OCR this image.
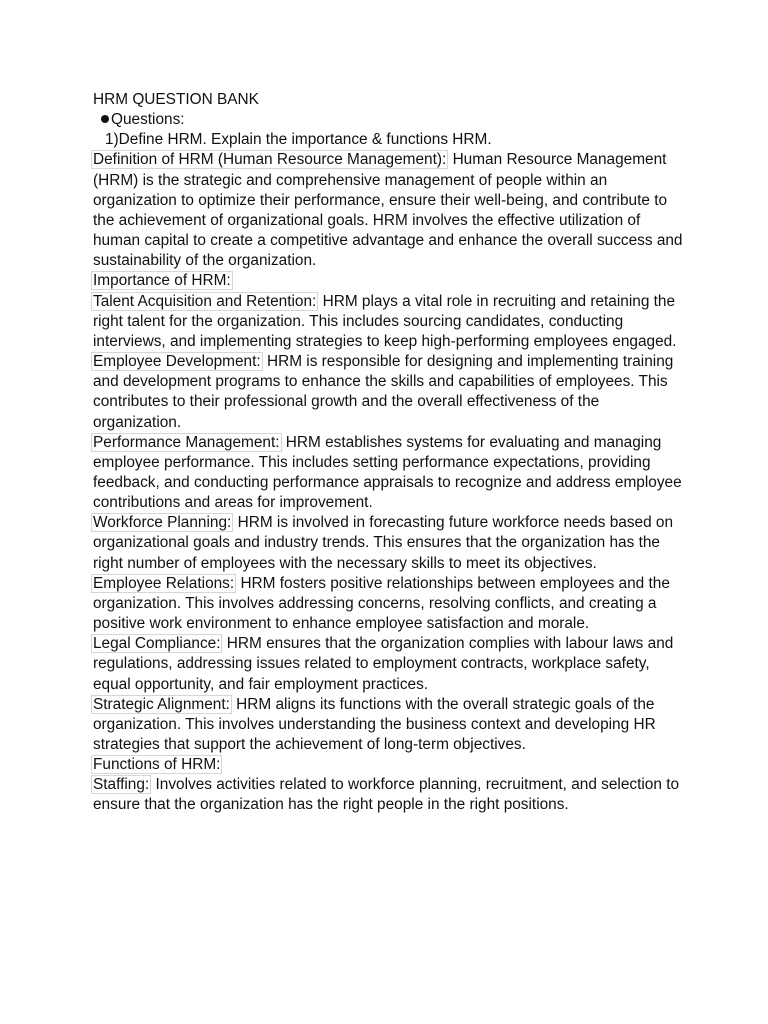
HRM QUESTION BANK

Questions:

1)Define HRM. Explain the importance & functions HRM.

Definition of HRM (Human Resource Management): Human Resource Management (HRM) is the strategic and comprehensive management of people within an organization to optimize their performance, ensure their well-being, and contribute to the achievement of organizational goals. HRM involves the effective utilization of human capital to create a competitive advantage and enhance the overall success and sustainability of the organization.

Importance of HRM:

Talent Acquisition and Retention: HRM plays a vital role in recruiting and retaining the right talent for the organization. This includes sourcing candidates, conducting interviews, and implementing strategies to keep high-performing employees engaged.

Employee Development: HRM is responsible for designing and implementing training and development programs to enhance the skills and capabilities of employees. This contributes to their professional growth and the overall effectiveness of the organization.

Performance Management: HRM establishes systems for evaluating and managing employee performance. This includes setting performance expectations, providing feedback, and conducting performance appraisals to recognize and address employee contributions and areas for improvement.

Workforce Planning: HRM is involved in forecasting future workforce needs based on organizational goals and industry trends. This ensures that the organization has the right number of employees with the necessary skills to meet its objectives.

Employee Relations: HRM fosters positive relationships between employees and the organization. This involves addressing concerns, resolving conflicts, and creating a positive work environment to enhance employee satisfaction and morale.

Legal Compliance: HRM ensures that the organization complies with labour laws and regulations, addressing issues related to employment contracts, workplace safety, equal opportunity, and fair employment practices.

Strategic Alignment: HRM aligns its functions with the overall strategic goals of the organization. This involves understanding the business context and developing HR strategies that support the achievement of long-term objectives.

Functions of HRM:

Staffing: Involves activities related to workforce planning, recruitment, and selection to ensure that the organization has the right people in the right positions.
